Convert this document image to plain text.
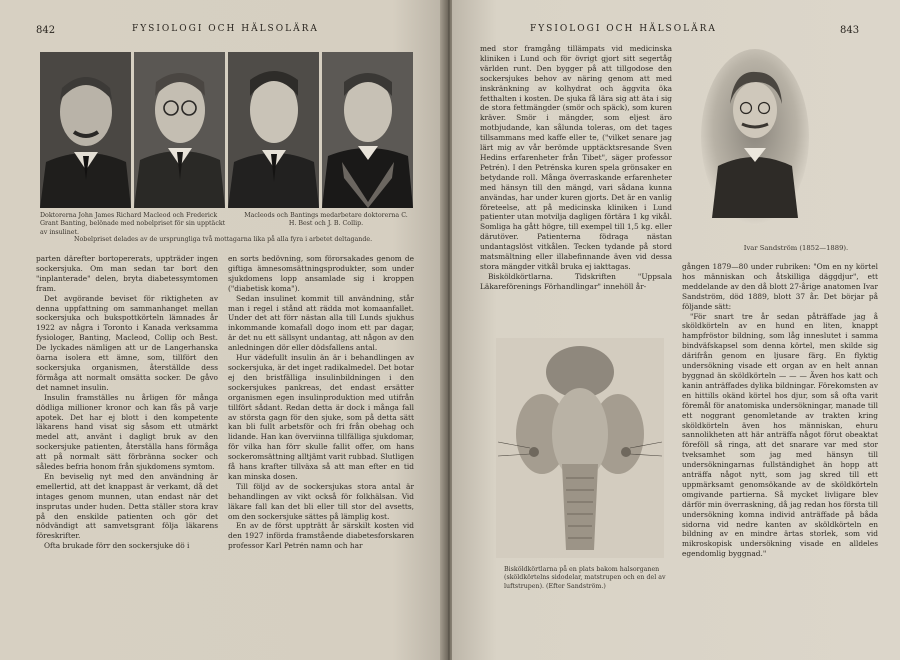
842	FYSIOLOGI OCH HÄLSOLÄRA
Doktorerna John James Richard Macleod och Frederick Grant Banting, belönade med nobelpriset för sin upptäckt av insulinet.
Macleods och Bantings medarbetare doktorerna C. H. Best och J. B. Collip.
Nobelpriset delades av de ursprungliga två mottagarna lika på alla fyra i arbetet deltagande.

parten därefter bortopererats, uppträder ingen sockersjuka. Om man sedan tar bort den "inplanterade" delen, bryta diabetessymtomen fram.

Det avgörande beviset för riktigheten av denna uppfattning om sammanhanget mellan sockersjuka och bukspottkörteln lämnades år 1922 av några i Toronto i Kanada verksamma fysiologer, Banting, Macleod, Collip och Best. De lyckades nämligen att ur de Langerhanska öarna isolera ett ämne, som, tillfört den sockersjuka organismen, återställde dess förmåga att normalt omsätta socker. De gåvo det namnet insulin.

Insulin framställes nu årligen för många dödliga millioner kronor och kan fås på varje apotek. Det har ej blott i den kompetente läkarens hand visat sig såsom ett utmärkt medel att, använt i dagligt bruk av den sockersjuke patienten, återställa hans förmåga att på normalt sätt förbränna socker och således befria honom från sjukdomens symtom.

En beviselig nyt med den användning är emellertid, att det knappast är verkamt, då det intages genom munnen, utan endast när det insprutas under huden. Detta ställer stora krav på den enskilde patienten och gör det nödvändigt att samvetsgrant följa läkarens föreskrifter.

Ofta brukade förr den sockersjuke dö i

en sorts bedövning, som förorsakades genom de giftiga ämnesomsättningsprodukter, som under sjukdomens lopp ansamlade sig i kroppen ("diabetisk koma").

Sedan insulinet kommit till användning, står man i regel i stånd att rädda mot komaanfallet. Under det att förr nästan alla till Lunds sjukhus inkommande komafall dogo inom ett par dagar, är det nu ett sällsynt undantag, att någon av den anledningen dör eller dödsfallens antal.

Hur vädefullt insulin än är i behandlingen av sockersjuka, är det inget radikalmedel. Det botar ej den bristfälliga insulinbildningen i den sockersjukes pankreas, det endast ersätter organismen egen insulinproduktion med utifrån tillfört sådant. Redan detta är dock i många fall av största gagn för den sjuke, som på detta sätt kan bli fullt arbetsför och fri från obehag och lidande. Han kan överviinna tillfälliga sjukdomar, för vilka han förr skulle fallit offer, om hans sockeromsättning alltjämt varit rubbad. Slutligen få hans krafter tillväxa så att man efter en tid kan minska dosen.

Till följd av de sockersjukas stora antal är behandlingen av vikt också för folkhälsan. Vid läkare fall kan det bli eller till stor del avsetts, om den sockersjuke sättes på lämplig kost.

En av de först uppträtt år särskilt kosten vid den 1927 införda framstående diabetesforskaren professor Karl Petrén namn och har

FYSIOLOGI OCH HÄLSOLÄRA	843

med stor framgång tillämpats vid medicinska kliniken i Lund och för övrigt gjort sitt segertåg världen runt. Den bygger på att tillgodose den sockersjukes behov av näring genom att med inskränkning av kolhydrat och äggvita öka fetthalten i kosten. De sjuka få lära sig att äta i sig de stora fettmängder (smör och späck), som kuren kräver. Smör i mängder, som eljest äro motbjudande, kan sålunda toleras, om det tages tillsammans med kaffe eller te, ("vilket senare jag lärt mig av vår berömde upptäcktsresande Sven Hedins erfarenheter från Tibet", säger professor Petrén). I den Petrénska kuren spela grönsaker en betydande roll. Många överraskande erfarenheter med hänsyn till den mängd, vari sådana kunna användas, har under kuren gjorts. Det är en vanlig företeelse, att på medicinska kliniken i Lund patienter utan motvilja dagligen förtära 1 kg vikål. Somliga ha gått högre, till exempel till 1,5 kg. eller därutöver. Patienterna födraga nästan undantagslöst vitkålen. Tecken tydande på stord matsmältning eller illabefinnande även vid dessa stora mängder vitkål bruka ej iakttagas.

Bisköldkörtlarna. Tidskriften "Uppsala Läkareförenings Förhandlingar" innehöll år-

Bisköldkörtlarna på en plats bakom halsorganen (sköldkörtelns sidodelar, matstrupen och en del av luftstrupen). (Efter Sandström.)
Ivar Sandström (1852—1889).

gången 1879—80 under rubriken: "Om en ny körtel hos människan och åtskilliga däggdjur", ett meddelande av den då blott 27-årige anatomen Ivar Sandström, död 1889, blott 37 år. Det börjar på följande sätt:

"För snart tre år sedan påträffade jag å sköldkörteln av en hund en liten, knappt hampfröstor bildning, som låg inneslutet i samma bindväfskapsel som denna körtel, men skilde sig därifrån genom en ljusare färg. En flyktig undersökning visade ett organ av en helt annan byggnad än sköldkörteln — — — Även hos katt och kanin anträffades dylika bildningar. Förekomsten av en hittills okänd körtel hos djur, som så ofta varit föremål för anatomiska undersökningar, manade till ett noggrant genomletande av trakten kring sköldkörteln även hos människan, ehuru sannolikheten att här anträffa något förut obeaktat föreföll så ringa, att det snarare var med stor tveksamhet som jag med hänsyn till undersökningarnas fullständighet än hopp att anträffa något nytt, som jag skred till ett uppmärksamt genomsökande av de sköldkörteln omgivande partierna. Så mycket livligare blev därför min överraskning, då jag redan hos första till undersökning komna individ anträffade på båda sidorna vid nedre kanten av sköldkörteln en bildning av en mindre ärtas storlek, som vid mikroskopisk undersökning visade en alldeles egendomlig byggnad."
